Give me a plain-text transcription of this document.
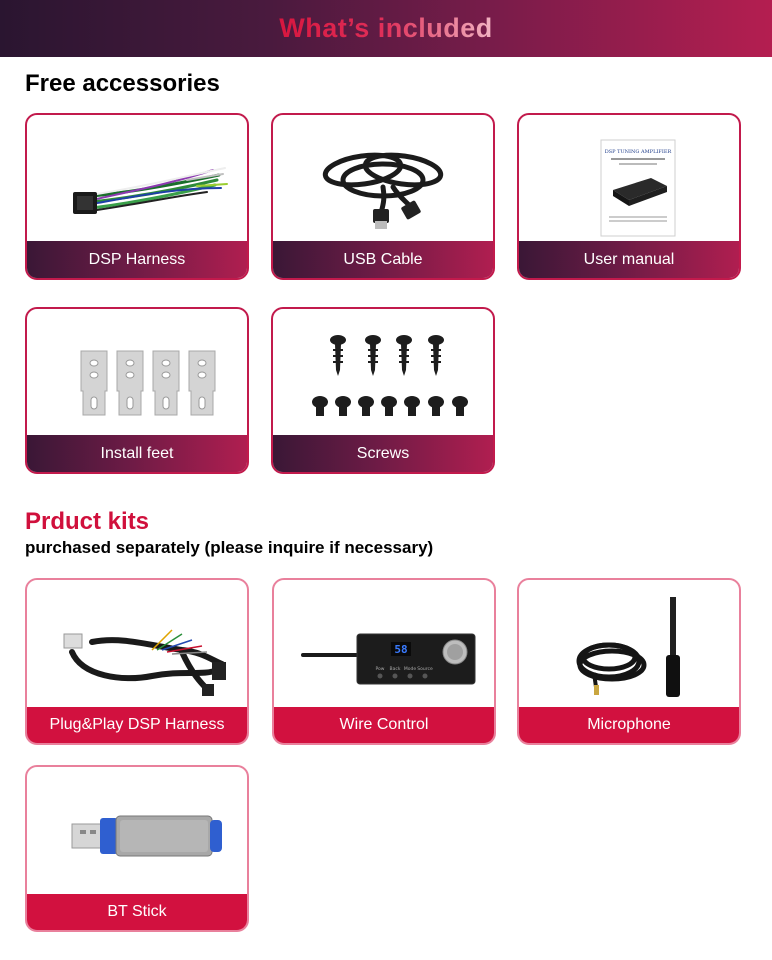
What’s included
Free accessories
DSP Harness	USB Cable
DSP TUNING AMPLIFIER
User manual
Install feet	Screws
Prduct kits
purchased separately (please inquire if necessary)
Plug&Play DSP Harness
58
Pow Back Mode Source
Wire Control	Microphone
BT Stick
